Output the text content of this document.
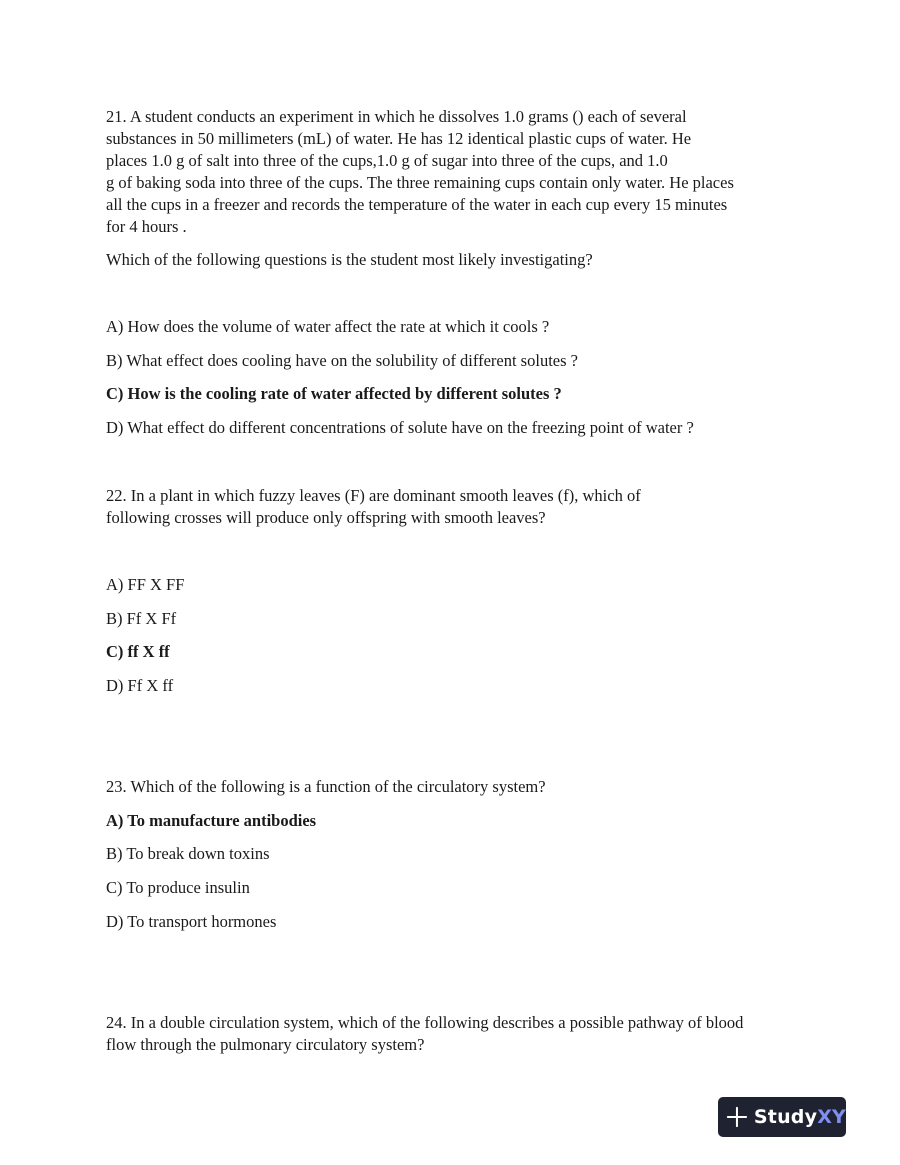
21. A student conducts an experiment in which he dissolves 1.0 grams () each of several
substances in 50 millimeters (mL) of water. He has 12 identical plastic cups of water. He
places 1.0 g of salt into three of the cups,1.0 g of sugar into three of the cups, and 1.0
g of baking soda into three of the cups. The three remaining cups contain only water. He places
all the cups in a freezer and records the temperature of the water in each cup every 15 minutes
for 4 hours .
Which of the following questions is the student most likely investigating?
A) How does the volume of water affect the rate at which it cools ?
B) What effect does cooling have on the solubility of different solutes ?
C) How is the cooling rate of water affected by different solutes ?
D) What effect do different concentrations of solute have on the freezing point of water ?
22. In a plant in which fuzzy leaves (F) are dominant smooth leaves (f), which of
following crosses will produce only offspring with smooth leaves?
A) FF X FF
B) Ff X Ff
C) ff X ff
D) Ff X ff
23. Which of the following is a function of the circulatory system?
A) To manufacture antibodies
B) To break down toxins
C) To produce insulin
D) To transport hormones
24. In a double circulation system, which of the following describes a possible pathway of blood
flow through the pulmonary circulatory system?
StudyXY
